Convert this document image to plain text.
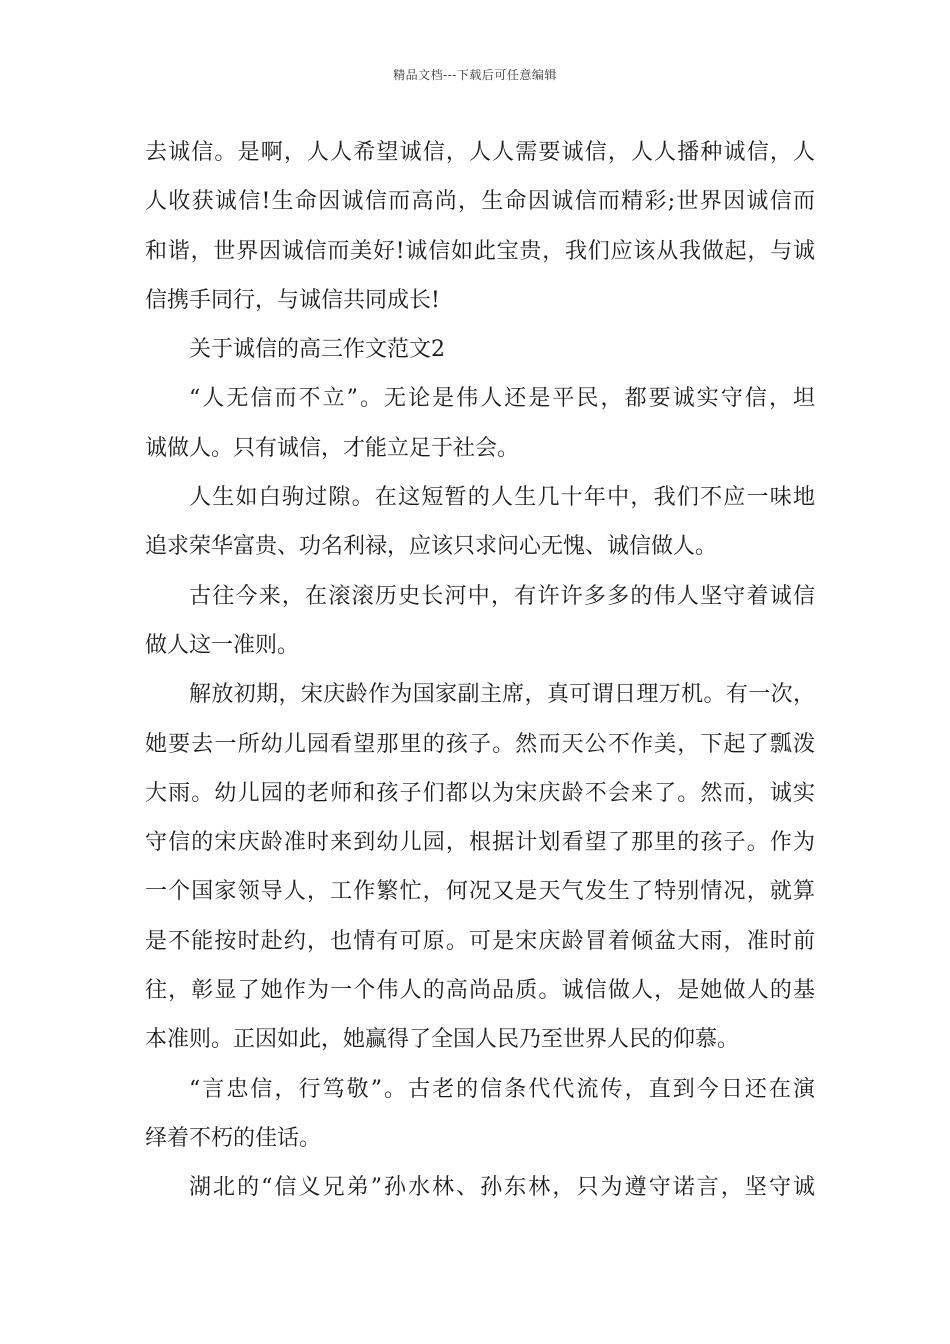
精品文档---下载后可任意编辑
去诚信。是啊，人人希望诚信，人人需要诚信，人人播种诚信，人
人收获诚信!生命因诚信而高尚，生命因诚信而精彩;世界因诚信而
和谐，世界因诚信而美好!诚信如此宝贵，我们应该从我做起，与诚
信携手同行，与诚信共同成长!
关于诚信的高三作文范文2
“人无信而不立”。无论是伟人还是平民，都要诚实守信，坦
诚做人。只有诚信，才能立足于社会。
人生如白驹过隙。在这短暂的人生几十年中，我们不应一味地
追求荣华富贵、功名利禄，应该只求问心无愧、诚信做人。
古往今来，在滚滚历史长河中，有许许多多的伟人坚守着诚信
做人这一准则。
解放初期，宋庆龄作为国家副主席，真可谓日理万机。有一次，
她要去一所幼儿园看望那里的孩子。然而天公不作美，下起了瓢泼
大雨。幼儿园的老师和孩子们都以为宋庆龄不会来了。然而，诚实
守信的宋庆龄准时来到幼儿园，根据计划看望了那里的孩子。作为
一个国家领导人，工作繁忙，何况又是天气发生了特别情况，就算
是不能按时赴约，也情有可原。可是宋庆龄冒着倾盆大雨，准时前
往，彰显了她作为一个伟人的高尚品质。诚信做人，是她做人的基
本准则。正因如此，她赢得了全国人民乃至世界人民的仰慕。
“言忠信，行笃敬”。古老的信条代代流传，直到今日还在演
绎着不朽的佳话。
湖北的“信义兄弟”孙水林、孙东林，只为遵守诺言，坚守诚
